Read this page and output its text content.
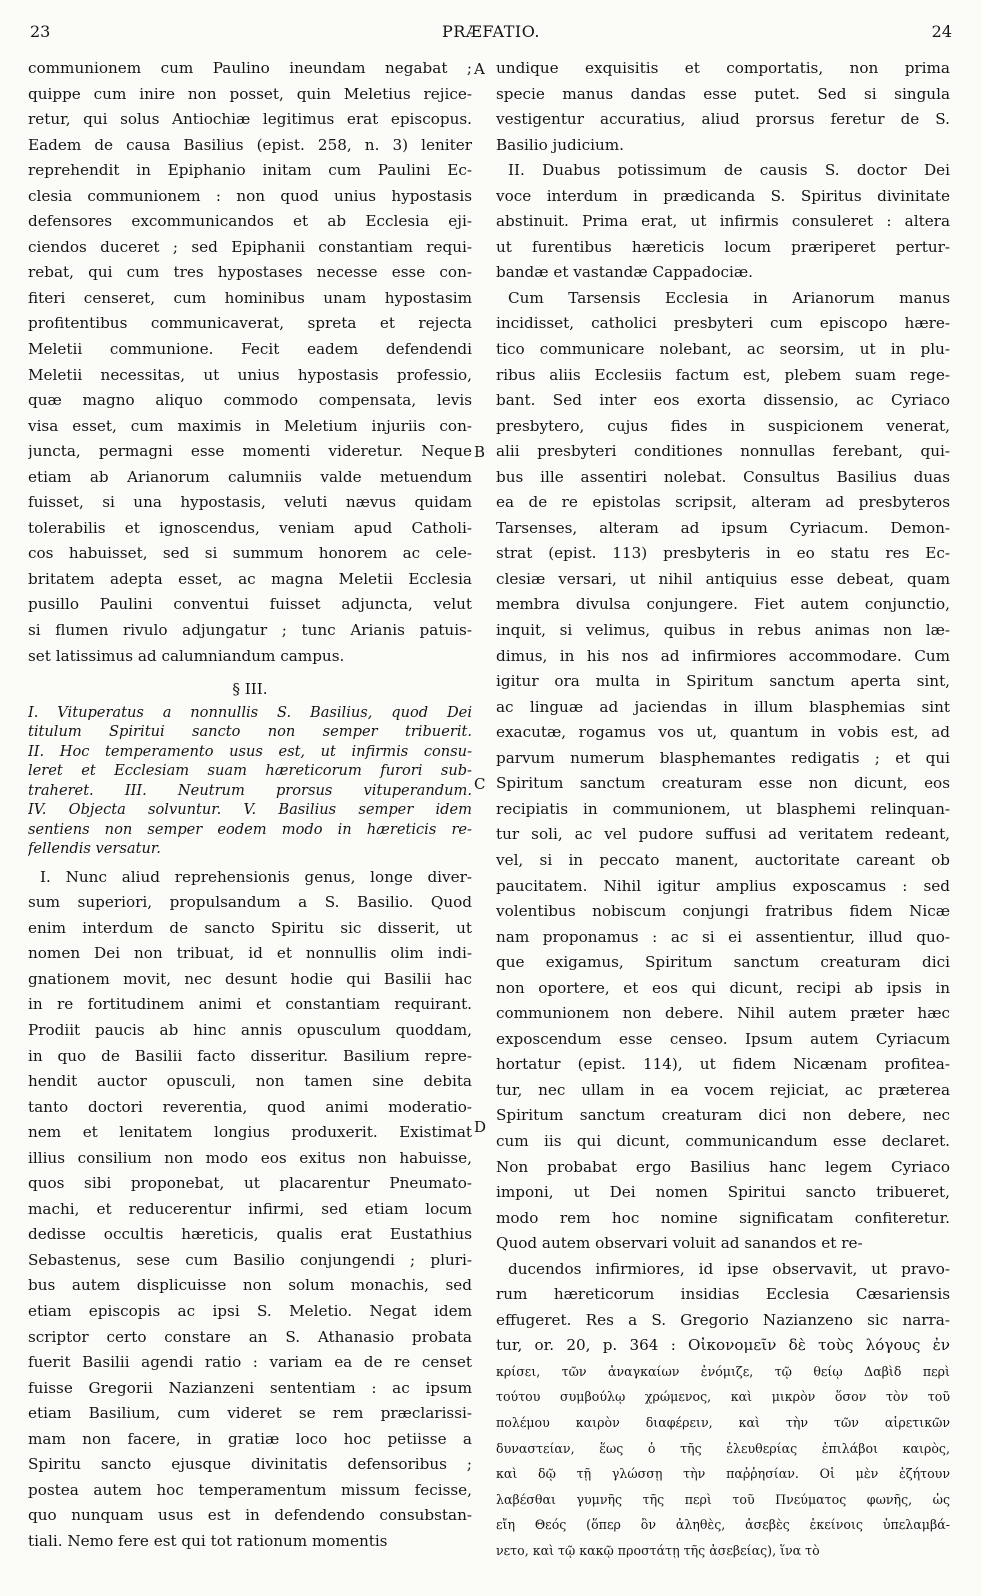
23	PRÆFATIO.	24
A
B
C
D
communionem cum Paulino ineundam negabat ;
quippe cum inire non posset, quin Meletius rejice-
retur, qui solus Antiochiæ legitimus erat episcopus.
Eadem de causa Basilius (epist. 258, n. 3) leniter
reprehendit in Epiphanio initam cum Paulini Ec-
clesia communionem : non quod unius hypostasis
defensores excommunicandos et ab Ecclesia eji-
ciendos duceret ; sed Epiphanii constantiam requi-
rebat, qui cum tres hypostases necesse esse con-
fiteri censeret, cum hominibus unam hypostasim
profitentibus communicaverat, spreta et rejecta
Meletii communione. Fecit eadem defendendi
Meletii necessitas, ut unius hypostasis professio,
quæ magno aliquo commodo compensata, levis
visa esset, cum maximis in Meletium injuriis con-
juncta, permagni esse momenti videretur. Neque
etiam ab Arianorum calumniis valde metuendum
fuisset, si una hypostasis, veluti nævus quidam
tolerabilis et ignoscendus, veniam apud Catholi-
cos habuisset, sed si summum honorem ac cele-
britatem adepta esset, ac magna Meletii Ecclesia
pusillo Paulini conventui fuisset adjuncta, velut
si flumen rivulo adjungatur ; tunc Arianis patuis-
set latissimus ad calumniandum campus.
§ III.
I. Vituperatus a nonnullis S. Basilius, quod Dei
titulum Spiritui sancto non semper tribuerit.
II. Hoc temperamento usus est, ut infirmis consu-
leret et Ecclesiam suam hæreticorum furori sub-
traheret. III. Neutrum prorsus vituperandum.
IV. Objecta solvuntur. V. Basilius semper idem
sentiens non semper eodem modo in hæreticis re-
fellendis versatur.
I. Nunc aliud reprehensionis genus, longe diver-
sum superiori, propulsandum a S. Basilio. Quod
enim interdum de sancto Spiritu sic disserit, ut
nomen Dei non tribuat, id et nonnullis olim indi-
gnationem movit, nec desunt hodie qui Basilii hac
in re fortitudinem animi et constantiam requirant.
Prodiit paucis ab hinc annis opusculum quoddam,
in quo de Basilii facto disseritur. Basilium repre-
hendit auctor opusculi, non tamen sine debita
tanto doctori reverentia, quod animi moderatio-
nem et lenitatem longius produxerit. Existimat
illius consilium non modo eos exitus non habuisse,
quos sibi proponebat, ut placarentur Pneumato-
machi, et reducerentur infirmi, sed etiam locum
dedisse occultis hæreticis, qualis erat Eustathius
Sebastenus, sese cum Basilio conjungendi ; pluri-
bus autem displicuisse non solum monachis, sed
etiam episcopis ac ipsi S. Meletio. Negat idem
scriptor certo constare an S. Athanasio probata
fuerit Basilii agendi ratio : variam ea de re censet
fuisse Gregorii Nazianzeni sententiam : ac ipsum
etiam Basilium, cum videret se rem præclarissi-
mam non facere, in gratiæ loco hoc petiisse a
Spiritu sancto ejusque divinitatis defensoribus ;
postea autem hoc temperamentum missum fecisse,
quo nunquam usus est in defendendo consubstan-
tiali. Nemo fere est qui tot rationum momentis
undique exquisitis et comportatis, non prima
specie manus dandas esse putet. Sed si singula
vestigentur accuratius, aliud prorsus feretur de S.
Basilio judicium.
II. Duabus potissimum de causis S. doctor Dei
voce interdum in prædicanda S. Spiritus divinitate
abstinuit. Prima erat, ut infirmis consuleret : altera
ut furentibus hæreticis locum præriperet pertur-
bandæ et vastandæ Cappadociæ.
Cum Tarsensis Ecclesia in Arianorum manus
incidisset, catholici presbyteri cum episcopo hære-
tico communicare nolebant, ac seorsim, ut in plu-
ribus aliis Ecclesiis factum est, plebem suam rege-
bant. Sed inter eos exorta dissensio, ac Cyriaco
presbytero, cujus fides in suspicionem venerat,
alii presbyteri conditiones nonnullas ferebant, qui-
bus ille assentiri nolebat. Consultus Basilius duas
ea de re epistolas scripsit, alteram ad presbyteros
Tarsenses, alteram ad ipsum Cyriacum. Demon-
strat (epist. 113) presbyteris in eo statu res Ec-
clesiæ versari, ut nihil antiquius esse debeat, quam
membra divulsa conjungere. Fiet autem conjunctio,
inquit, si velimus, quibus in rebus animas non læ-
dimus, in his nos ad infirmiores accommodare. Cum
igitur ora multa in Spiritum sanctum aperta sint,
ac linguæ ad jaciendas in illum blasphemias sint
exacutæ, rogamus vos ut, quantum in vobis est, ad
parvum numerum blasphemantes redigatis ; et qui
Spiritum sanctum creaturam esse non dicunt, eos
recipiatis in communionem, ut blasphemi relinquan-
tur soli, ac vel pudore suffusi ad veritatem redeant,
vel, si in peccato manent, auctoritate careant ob
paucitatem. Nihil igitur amplius exposcamus : sed
volentibus nobiscum conjungi fratribus fidem Nicæ
nam proponamus : ac si ei assentientur, illud quo-
que exigamus, Spiritum sanctum creaturam dici
non oportere, et eos qui dicunt, recipi ab ipsis in
communionem non debere. Nihil autem præter hæc
exposcendum esse censeo. Ipsum autem Cyriacum
hortatur (epist. 114), ut fidem Nicænam profitea-
tur, nec ullam in ea vocem rejiciat, ac præterea
Spiritum sanctum creaturam dici non debere, nec
cum iis qui dicunt, communicandum esse declaret.
Non probabat ergo Basilius hanc legem Cyriaco
imponi, ut Dei nomen Spiritui sancto tribueret,
modo rem hoc nomine significatam confiteretur.
Quod autem observari voluit ad sanandos et re-
ducendos infirmiores, id ipse observavit, ut pravo-
rum hæreticorum insidias Ecclesia Cæsariensis
effugeret. Res a S. Gregorio Nazianzeno sic narra-
tur, or. 20, p. 364 : Οἰκονομεῖν δὲ τοὺς λόγους ἐν
κρίσει, τῶν ἀναγκαίων ἐνόμιζε, τῷ θείῳ Δαβὶδ περὶ
τούτου συμβούλῳ χρώμενος, καὶ μικρὸν ὅσον τὸν τοῦ
πολέμου καιρὸν διαφέρειν, καὶ τὴν τῶν αἱρετικῶν
δυναστείαν, ἕως ὁ τῆς ἐλευθερίας ἐπιλάβοι καιρὸς,
καὶ δῷ τῇ γλώσσῃ τὴν παῤῥησίαν. Οἱ μὲν ἐζήτουν
λαβέσθαι γυμνῆς τῆς περὶ τοῦ Πνεύματος φωνῆς, ὡς
εἴη Θεός (ὅπερ ὂν ἀληθὲς, ἀσεβὲς ἐκείνοις ὑπελαμβά-
νετο, καὶ τῷ κακῷ προστάτῃ τῆς ἀσεβείας), ἵνα τὸ
